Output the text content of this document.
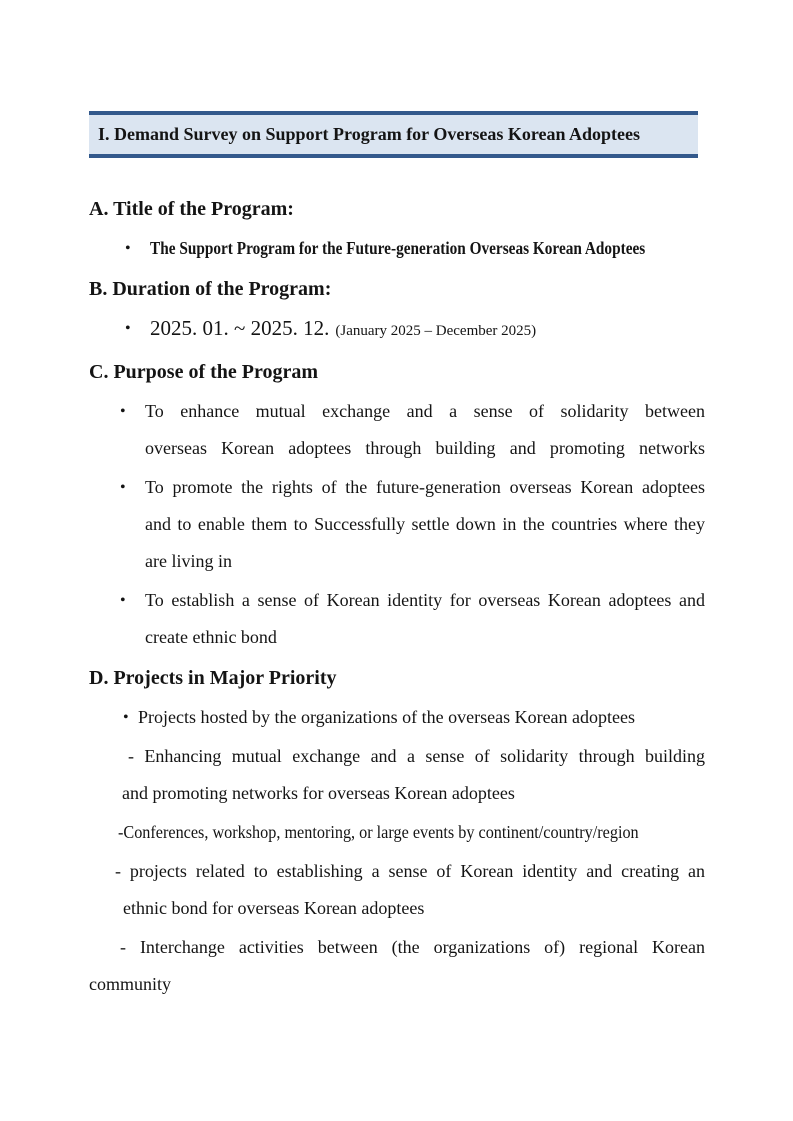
I. Demand Survey on Support Program for Overseas Korean Adoptees
A. Title of the Program:
• The Support Program for the Future-generation Overseas Korean Adoptees
B. Duration of the Program:
• 2025. 01. ~ 2025. 12. (January 2025 – December 2025)
C. Purpose of the Program
• To enhance mutual exchange and a sense of solidarity between
overseas Korean adoptees through building and promoting networks
• To promote the rights of the future-generation overseas Korean adoptees
and to enable them to Successfully settle down in the countries where they
are living in
• To establish a sense of Korean identity for overseas Korean adoptees and
create ethnic bond
D. Projects in Major Priority
• Projects hosted by the organizations of the overseas Korean adoptees
- Enhancing mutual exchange and a sense of solidarity through building
and promoting networks for overseas Korean adoptees
-Conferences, workshop, mentoring, or large events by continent/country/region
- projects related to establishing a sense of Korean identity and creating an
ethnic bond for overseas Korean adoptees
- Interchange activities between (the organizations of) regional Korean
community
